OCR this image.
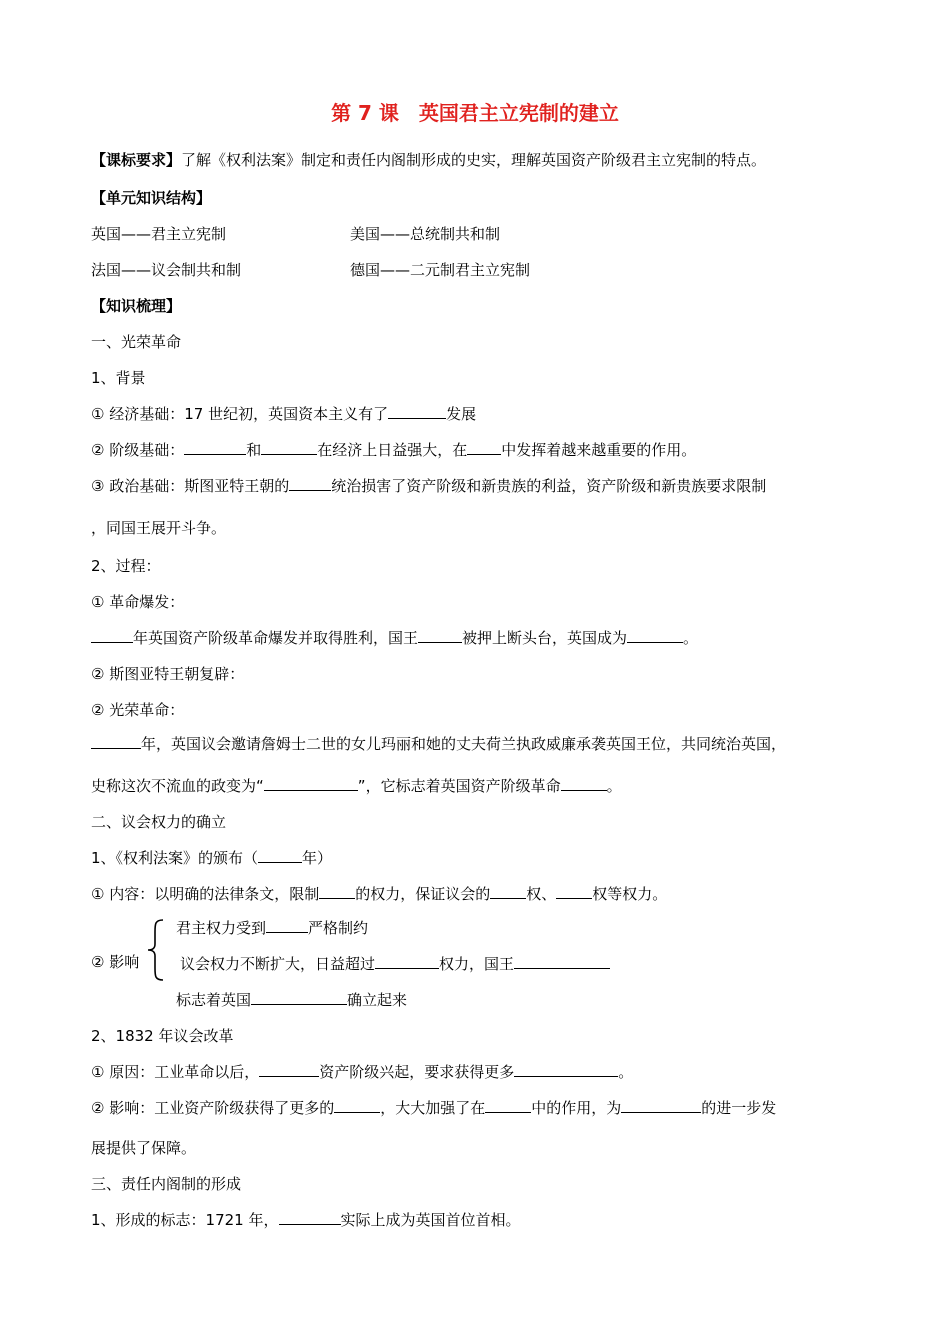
第 7 课　英国君主立宪制的建立
【课标要求】了解《权利法案》制定和责任内阁制形成的史实，理解英国资产阶级君主立宪制的特点。
【单元知识结构】
英国——君主立宪制	美国——总统制共和制
法国——议会制共和制	德国——二元制君主立宪制
【知识梳理】
一、光荣革命
1、背景
① 经济基础：17 世纪初，英国资本主义有了	发展
② 阶级基础：	和	在经济上日益强大，在 中发挥着越来越重要的作用。
③ 政治基础：斯图亚特王朝的	统治损害了资产阶级和新贵族的利益，资产阶级和新贵族要求限制
，同国王展开斗争。
2、过程：
① 革命爆发：
年英国资产阶级革命爆发并取得胜利，国王	被押上断头台，英国成为	。
② 斯图亚特王朝复辟：
② 光荣革命：
年，英国议会邀请詹姆士二世的女儿玛丽和她的丈夫荷兰执政威廉承袭英国王位，共同统治英国，
史称这次不流血的政变为“	”，它标志着英国资产阶级革命	。
二、议会权力的确立
1、《权利法案》的颁布（	年）
① 内容：以明确的法律条文，限制 的权力，保证议会的 权、 权等权力。
② 影响
君主权力受到	严格制约
议会权力不断扩大，日益超过	权力，国王
标志着英国	确立起来
2、1832 年议会改革
① 原因：工业革命以后，	资产阶级兴起，要求获得更多	。
② 影响：工业资产阶级获得了更多的	，大大加强了在	中的作用，为	的进一步发
展提供了保障。
三、责任内阁制的形成
1、形成的标志：1721 年，	实际上成为英国首位首相。
